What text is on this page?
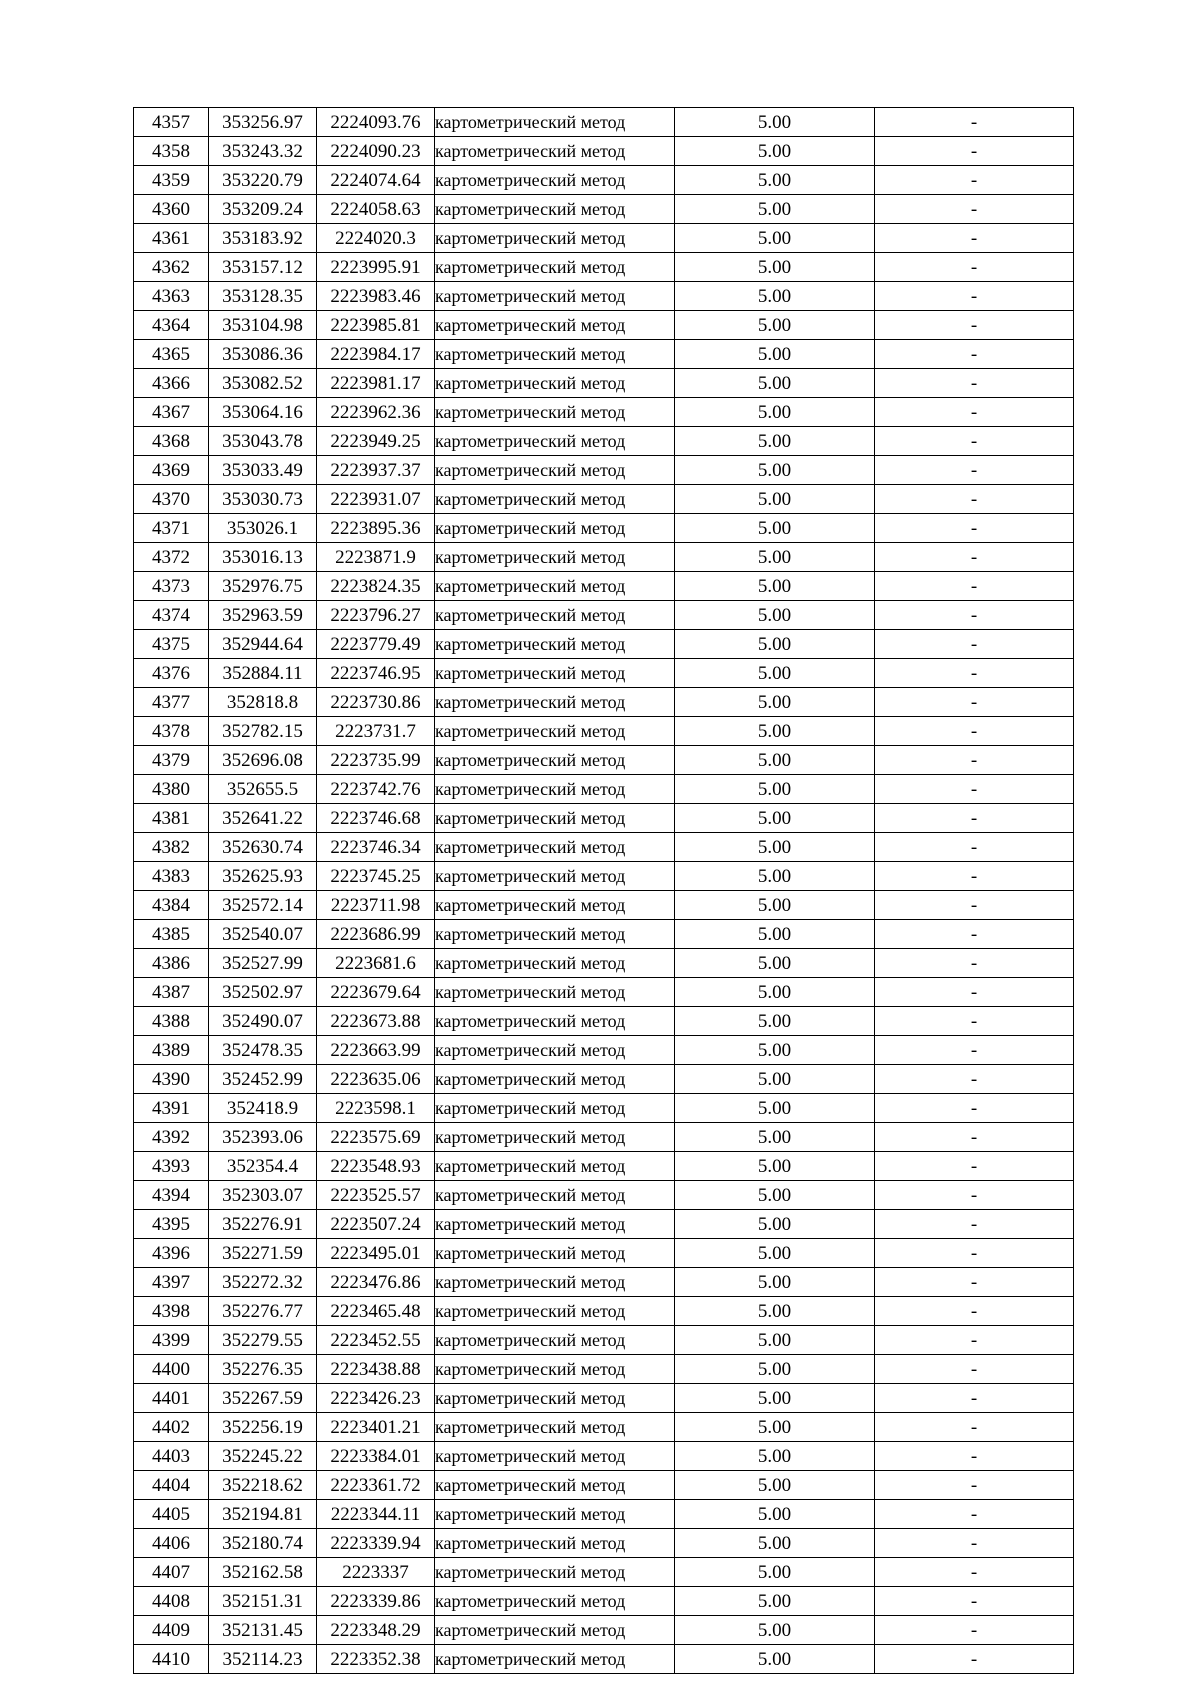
4357	353256.97	2224093.76	картометрический метод	5.00	-
4358	353243.32	2224090.23	картометрический метод	5.00	-
4359	353220.79	2224074.64	картометрический метод	5.00	-
4360	353209.24	2224058.63	картометрический метод	5.00	-
4361	353183.92	2224020.3	картометрический метод	5.00	-
4362	353157.12	2223995.91	картометрический метод	5.00	-
4363	353128.35	2223983.46	картометрический метод	5.00	-
4364	353104.98	2223985.81	картометрический метод	5.00	-
4365	353086.36	2223984.17	картометрический метод	5.00	-
4366	353082.52	2223981.17	картометрический метод	5.00	-
4367	353064.16	2223962.36	картометрический метод	5.00	-
4368	353043.78	2223949.25	картометрический метод	5.00	-
4369	353033.49	2223937.37	картометрический метод	5.00	-
4370	353030.73	2223931.07	картометрический метод	5.00	-
4371	353026.1	2223895.36	картометрический метод	5.00	-
4372	353016.13	2223871.9	картометрический метод	5.00	-
4373	352976.75	2223824.35	картометрический метод	5.00	-
4374	352963.59	2223796.27	картометрический метод	5.00	-
4375	352944.64	2223779.49	картометрический метод	5.00	-
4376	352884.11	2223746.95	картометрический метод	5.00	-
4377	352818.8	2223730.86	картометрический метод	5.00	-
4378	352782.15	2223731.7	картометрический метод	5.00	-
4379	352696.08	2223735.99	картометрический метод	5.00	-
4380	352655.5	2223742.76	картометрический метод	5.00	-
4381	352641.22	2223746.68	картометрический метод	5.00	-
4382	352630.74	2223746.34	картометрический метод	5.00	-
4383	352625.93	2223745.25	картометрический метод	5.00	-
4384	352572.14	2223711.98	картометрический метод	5.00	-
4385	352540.07	2223686.99	картометрический метод	5.00	-
4386	352527.99	2223681.6	картометрический метод	5.00	-
4387	352502.97	2223679.64	картометрический метод	5.00	-
4388	352490.07	2223673.88	картометрический метод	5.00	-
4389	352478.35	2223663.99	картометрический метод	5.00	-
4390	352452.99	2223635.06	картометрический метод	5.00	-
4391	352418.9	2223598.1	картометрический метод	5.00	-
4392	352393.06	2223575.69	картометрический метод	5.00	-
4393	352354.4	2223548.93	картометрический метод	5.00	-
4394	352303.07	2223525.57	картометрический метод	5.00	-
4395	352276.91	2223507.24	картометрический метод	5.00	-
4396	352271.59	2223495.01	картометрический метод	5.00	-
4397	352272.32	2223476.86	картометрический метод	5.00	-
4398	352276.77	2223465.48	картометрический метод	5.00	-
4399	352279.55	2223452.55	картометрический метод	5.00	-
4400	352276.35	2223438.88	картометрический метод	5.00	-
4401	352267.59	2223426.23	картометрический метод	5.00	-
4402	352256.19	2223401.21	картометрический метод	5.00	-
4403	352245.22	2223384.01	картометрический метод	5.00	-
4404	352218.62	2223361.72	картометрический метод	5.00	-
4405	352194.81	2223344.11	картометрический метод	5.00	-
4406	352180.74	2223339.94	картометрический метод	5.00	-
4407	352162.58	2223337	картометрический метод	5.00	-
4408	352151.31	2223339.86	картометрический метод	5.00	-
4409	352131.45	2223348.29	картометрический метод	5.00	-
4410	352114.23	2223352.38	картометрический метод	5.00	-
